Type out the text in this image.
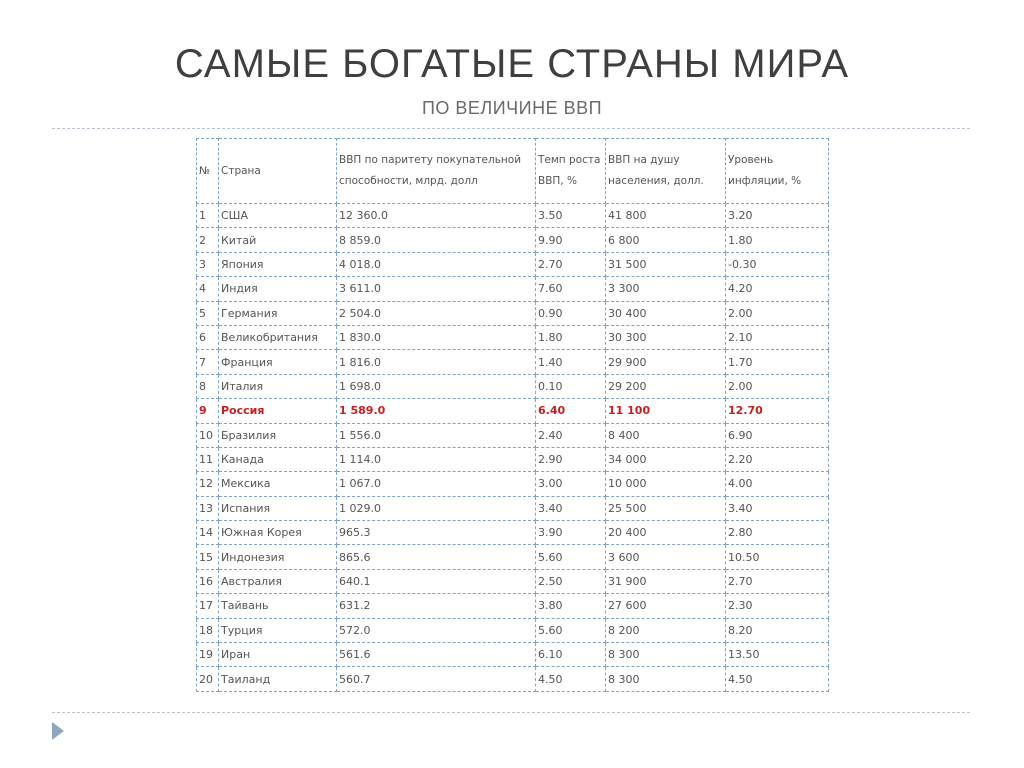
САМЫЕ БОГАТЫЕ СТРАНЫ МИРА
ПО ВЕЛИЧИНЕ ВВП
№	Страна	ВВП по паритету покупательной способности, млрд. долл	Темп роста ВВП, %	ВВП на душу населения, долл.	Уровень инфляции, %
1	США	12 360.0	3.50	41 800	3.20
2	Китай	8 859.0	9.90	6 800	1.80
3	Япония	4 018.0	2.70	31 500	-0.30
4	Индия	3 611.0	7.60	3 300	4.20
5	Германия	2 504.0	0.90	30 400	2.00
6	Великобритания	1 830.0	1.80	30 300	2.10
7	Франция	1 816.0	1.40	29 900	1.70
8	Италия	1 698.0	0.10	29 200	2.00
9	Россия	1 589.0	6.40	11 100	12.70
10	Бразилия	1 556.0	2.40	8 400	6.90
11	Канада	1 114.0	2.90	34 000	2.20
12	Мексика	1 067.0	3.00	10 000	4.00
13	Испания	1 029.0	3.40	25 500	3.40
14	Южная Корея	965.3	3.90	20 400	2.80
15	Индонезия	865.6	5.60	3 600	10.50
16	Австралия	640.1	2.50	31 900	2.70
17	Тайвань	631.2	3.80	27 600	2.30
18	Турция	572.0	5.60	8 200	8.20
19	Иран	561.6	6.10	8 300	13.50
20	Таиланд	560.7	4.50	8 300	4.50
